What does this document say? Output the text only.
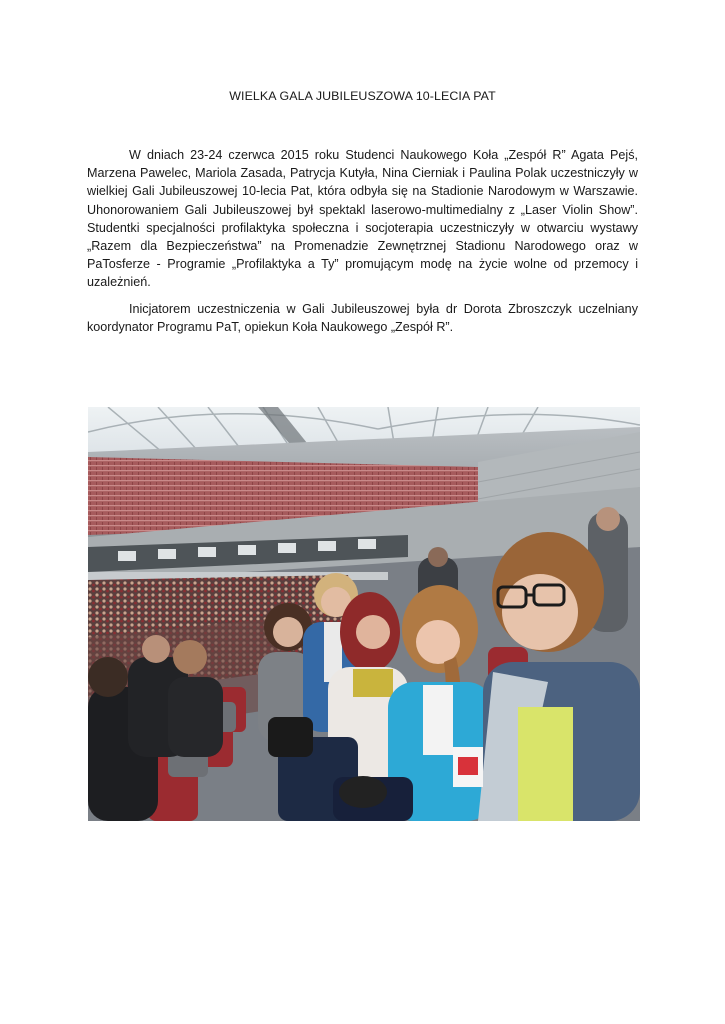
WIELKA GALA JUBILEUSZOWA 10-LECIA PAT

W dniach 23-24 czerwca 2015 roku Studenci Naukowego Koła „Zespół R” Agata Pejś, Marzena Pawelec, Mariola Zasada, Patrycja Kutyła, Nina Cierniak i Paulina Polak uczestniczyły w wielkiej Gali Jubileuszowej 10-lecia Pat, która odbyła się na Stadionie Narodowym w Warszawie. Uhonorowaniem Gali Jubileuszowej był spektakl laserowo-multimedialny z „Laser Violin Show”. Studentki specjalności profilaktyka społeczna i socjoterapia uczestniczyły w otwarciu wystawy „Razem dla Bezpieczeństwa” na Promenadzie Zewnętrznej Stadionu Narodowego oraz w PaTosferze - Programie „Profilaktyka a Ty” promującym modę na życie wolne od przemocy i uzależnień.

Inicjatorem uczestniczenia w Gali Jubileuszowej była dr Dorota Zbroszczyk uczelniany koordynator Programu PaT, opiekun Koła Naukowego „Zespół R”.
